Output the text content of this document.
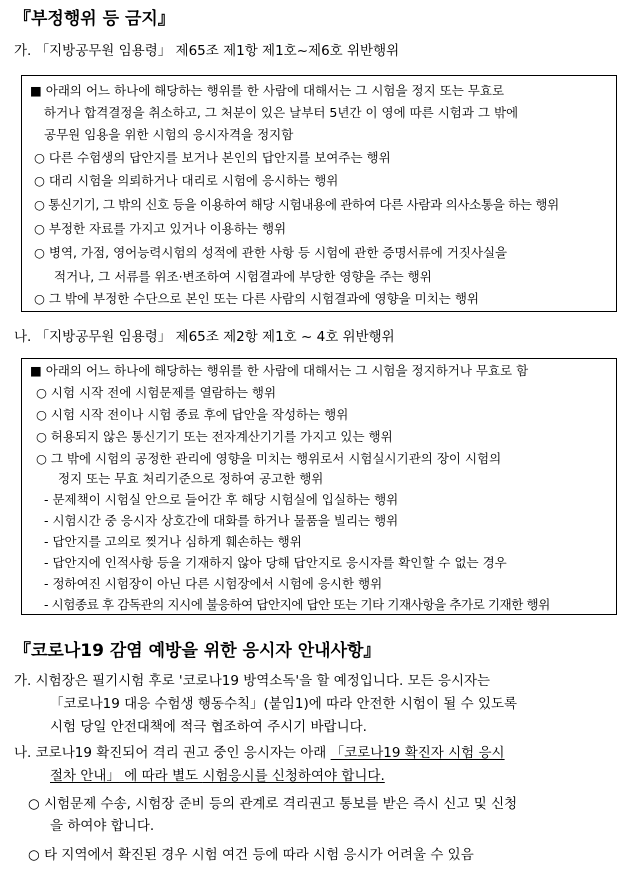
『부정행위 등 금지』
가. 「지방공무원 임용령」 제65조 제1항 제1호~제6호 위반행위
■ 아래의 어느 하나에 해당하는 행위를 한 사람에 대해서는 그 시험을 정지 또는 무효로
하거나 합격결정을 취소하고, 그 처분이 있은 날부터 5년간 이 영에 따른 시험과 그 밖에
공무원 임용을 위한 시험의 응시자격을 정지함
○ 다른 수험생의 답안지를 보거나 본인의 답안지를 보여주는 행위
○ 대리 시험을 의뢰하거나 대리로 시험에 응시하는 행위
○ 통신기기, 그 밖의 신호 등을 이용하여 해당 시험내용에 관하여 다른 사람과 의사소통을 하는 행위
○ 부정한 자료를 가지고 있거나 이용하는 행위
○ 병역, 가점, 영어능력시험의 성적에 관한 사항 등 시험에 관한 증명서류에 거짓사실을
적거나, 그 서류를 위조·변조하여 시험결과에 부당한 영향을 주는 행위
○ 그 밖에 부정한 수단으로 본인 또는 다른 사람의 시험결과에 영향을 미치는 행위
나. 「지방공무원 임용령」 제65조 제2항 제1호 ~ 4호 위반행위
■ 아래의 어느 하나에 해당하는 행위를 한 사람에 대해서는 그 시험을 정지하거나 무효로 함
○ 시험 시작 전에 시험문제를 열람하는 행위
○ 시험 시작 전이나 시험 종료 후에 답안을 작성하는 행위
○ 허용되지 않은 통신기기 또는 전자계산기기를 가지고 있는 행위
○ 그 밖에 시험의 공정한 관리에 영향을 미치는 행위로서 시험실시기관의 장이 시험의
정지 또는 무효 처리기준으로 정하여 공고한 행위
- 문제책이 시험실 안으로 들어간 후 해당 시험실에 입실하는 행위
- 시험시간 중 응시자 상호간에 대화를 하거나 물품을 빌리는 행위
- 답안지를 고의로 찢거나 심하게 훼손하는 행위
- 답안지에 인적사항 등을 기재하지 않아 당해 답안지로 응시자를 확인할 수 없는 경우
- 정하여진 시험장이 아닌 다른 시험장에서 시험에 응시한 행위
- 시험종료 후 감독관의 지시에 불응하여 답안지에 답안 또는 기타 기재사항을 추가로 기재한 행위
『코로나19 감염 예방을 위한 응시자 안내사항』
가. 시험장은 필기시험 후로 '코로나19 방역소독'을 할 예정입니다. 모든 응시자는
「코로나19 대응 수험생 행동수칙」(붙임1)에 따라 안전한 시험이 될 수 있도록
시험 당일 안전대책에 적극 협조하여 주시기 바랍니다.
나. 코로나19 확진되어 격리 권고 중인 응시자는 아래 「코로나19 확진자 시험 응시
절차 안내」 에 따라 별도 시험응시를 신청하여야 합니다.
○ 시험문제 수송, 시험장 준비 등의 관계로 격리권고 통보를 받은 즉시 신고 및 신청
을 하여야 합니다.
○ 타 지역에서 확진된 경우 시험 여건 등에 따라 시험 응시가 어려울 수 있음
